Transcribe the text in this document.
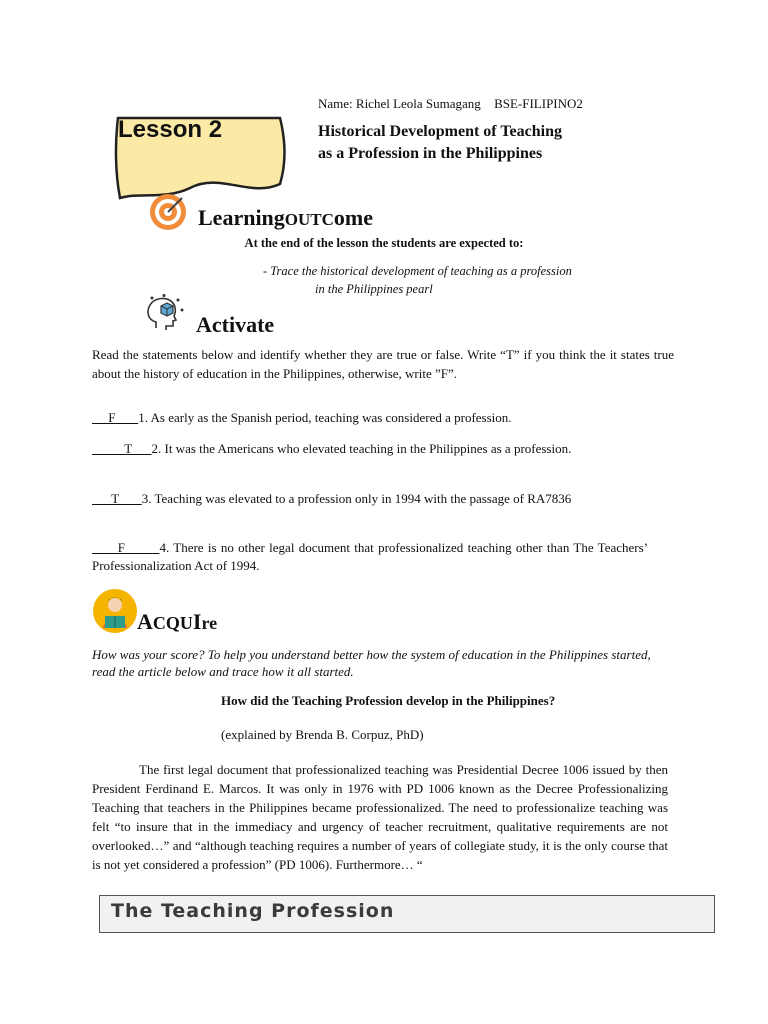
Name: Richel Leola Sumagang BSE-FILIPINO2
Lesson 2	Historical Development of Teaching
as a Profession in the Philippines
LearningOUTCome
At the end of the lesson the students are expected to:
- Trace the historical development of teaching as a profession
in the Philippines pearl
Activate
Read the statements below and identify whether they are true or false. Write “T” if you think the it states true about the history of education in the Philippines, otherwise, write ”F”.
F       1. As early as the Spanish period, teaching was considered a profession.
T      2. It was the Americans who elevated teaching in the Philippines as a profession.
T       3. Teaching was elevated to a profession only in 1994 with the passage of RA7836
F        4. There is no other legal document that professionalized teaching other than The Teachers’ Professionalization Act of 1994.
ACQUIre
How was your score? To help you understand better how the system of education in the Philippines started, read the article below and trace how it all started.
How did the Teaching Profession develop in the Philippines?
(explained by Brenda B. Corpuz, PhD)
The first legal document that professionalized teaching was Presidential Decree 1006 issued by then President Ferdinand E. Marcos. It was only in 1976 with PD 1006 known as the Decree Professionalizing Teaching that teachers in the Philippines became professionalized. The need to professionalize teaching was felt “to insure that in the immediacy and urgency of teacher recruitment, qualitative requirements are not overlooked…” and “although teaching requires a number of years of collegiate study, it is the only course that is not yet considered a profession” (PD 1006). Furthermore… “
The Teaching Profession
